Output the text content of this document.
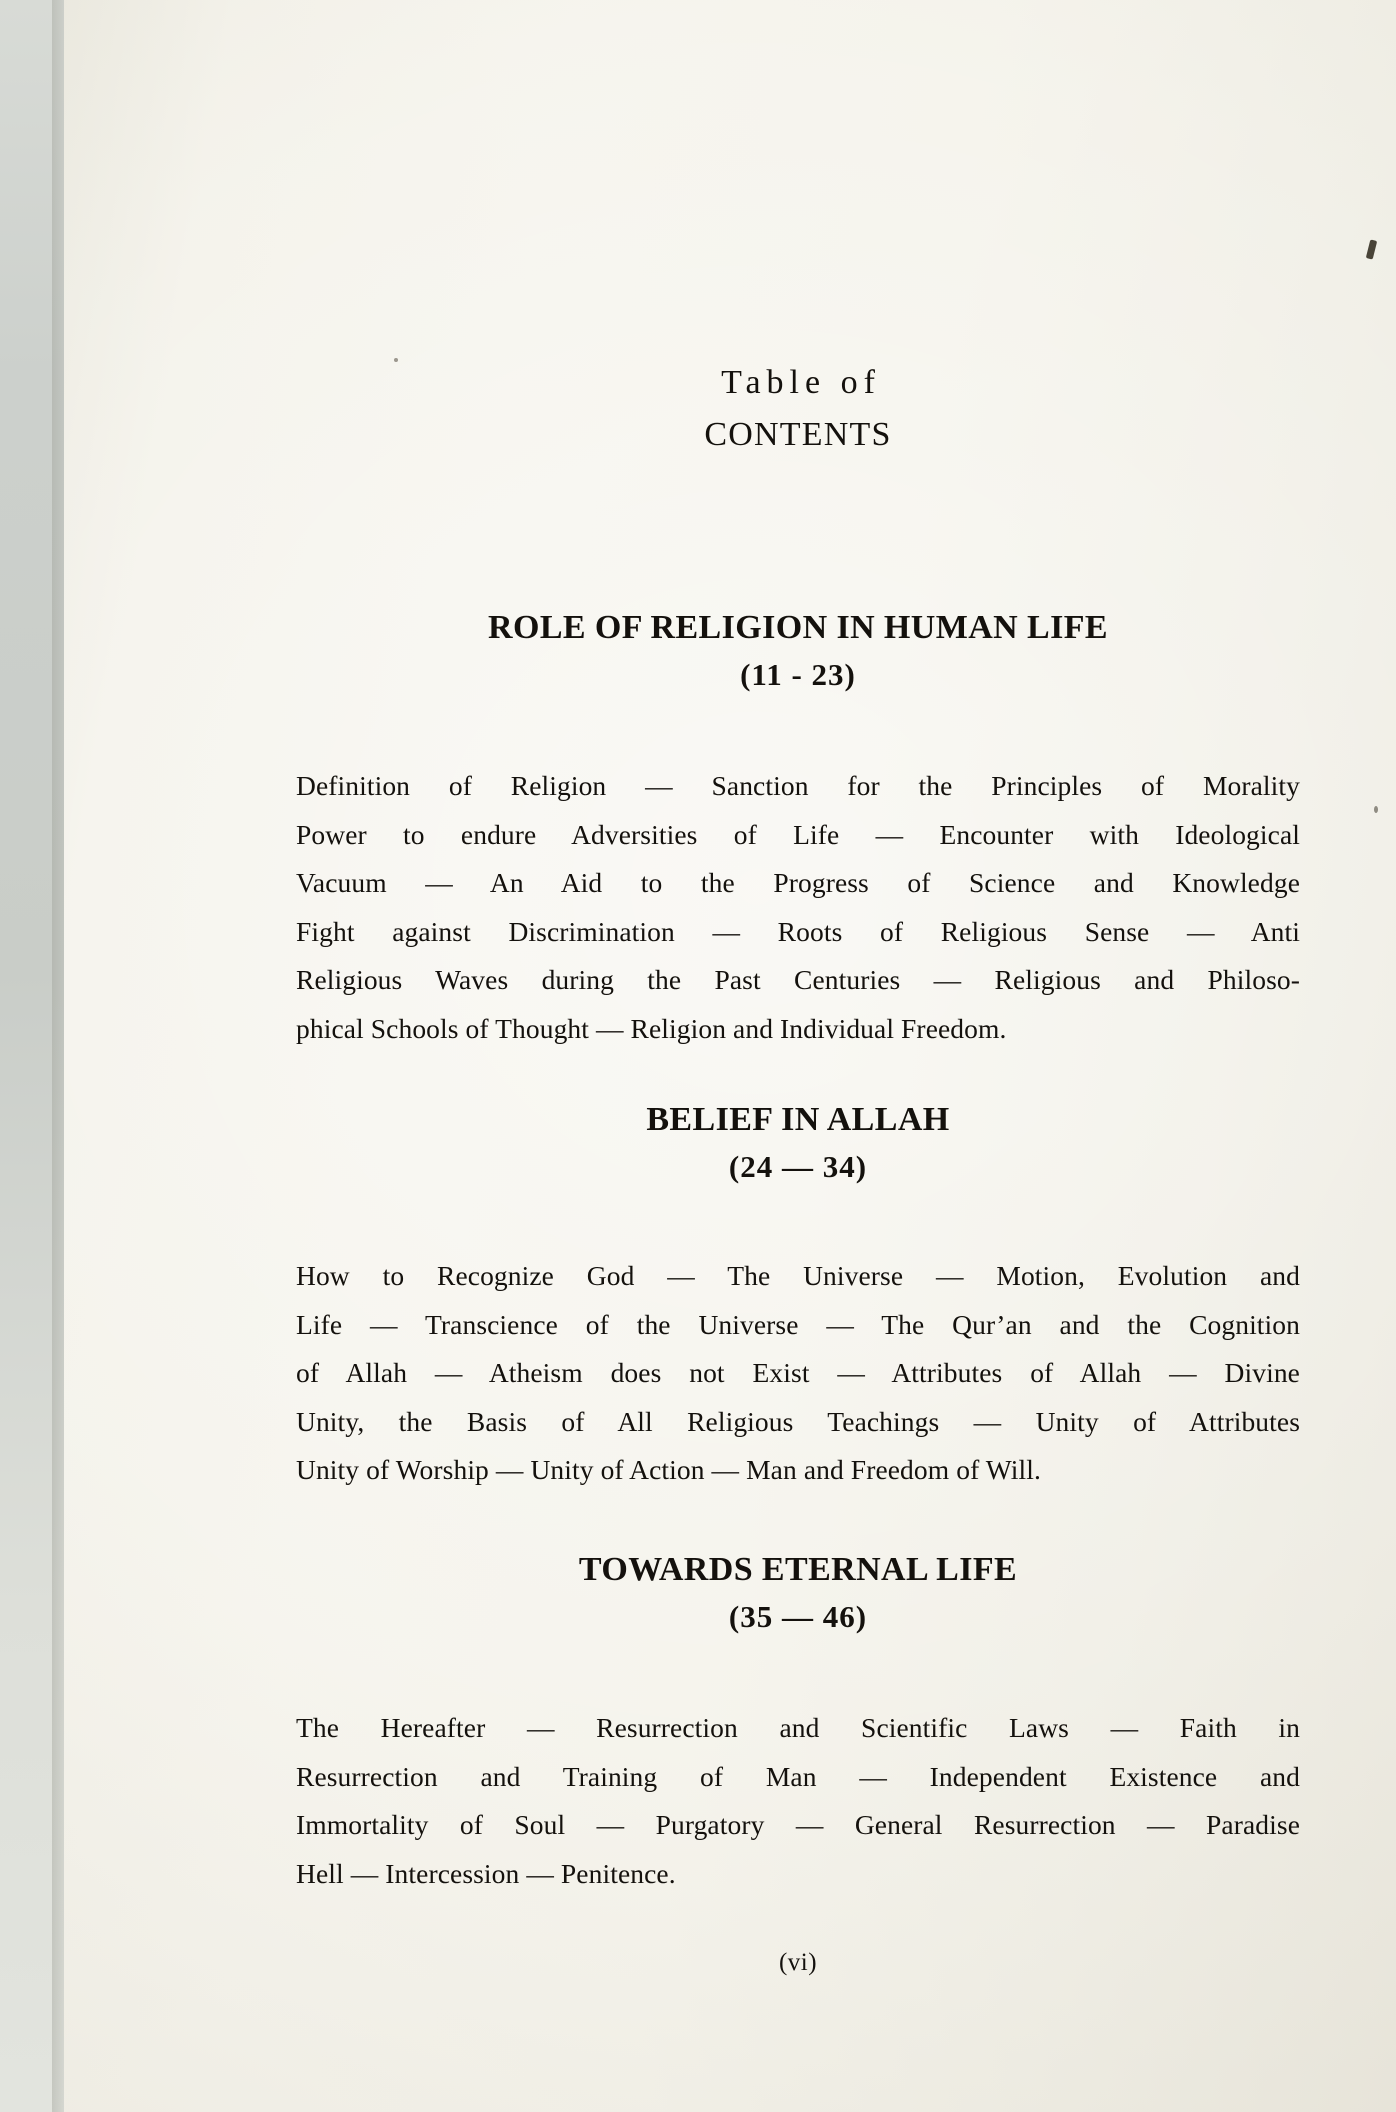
Table of
CONTENTS
ROLE OF RELIGION IN HUMAN LIFE
(11 - 23)
Definition of Religion — Sanction for the Principles of Morality
Power to endure Adversities of Life — Encounter with Ideological
Vacuum — An Aid to the Progress of Science and Knowledge
Fight against Discrimination — Roots of Religious Sense — Anti
Religious Waves during the Past Centuries — Religious and Philoso-
phical Schools of Thought — Religion and Individual Freedom.
BELIEF IN ALLAH
(24 — 34)
How to Recognize God — The Universe — Motion, Evolution and
Life — Transcience of the Universe — The Qur’an and the Cognition
of Allah — Atheism does not Exist — Attributes of Allah — Divine
Unity, the Basis of All Religious Teachings — Unity of Attributes
Unity of Worship — Unity of Action — Man and Freedom of Will.
TOWARDS ETERNAL LIFE
(35 — 46)
The Hereafter — Resurrection and Scientific Laws — Faith in
Resurrection and Training of Man — Independent Existence and
Immortality of Soul — Purgatory — General Resurrection — Paradise
Hell — Intercession — Penitence.
(vi)
